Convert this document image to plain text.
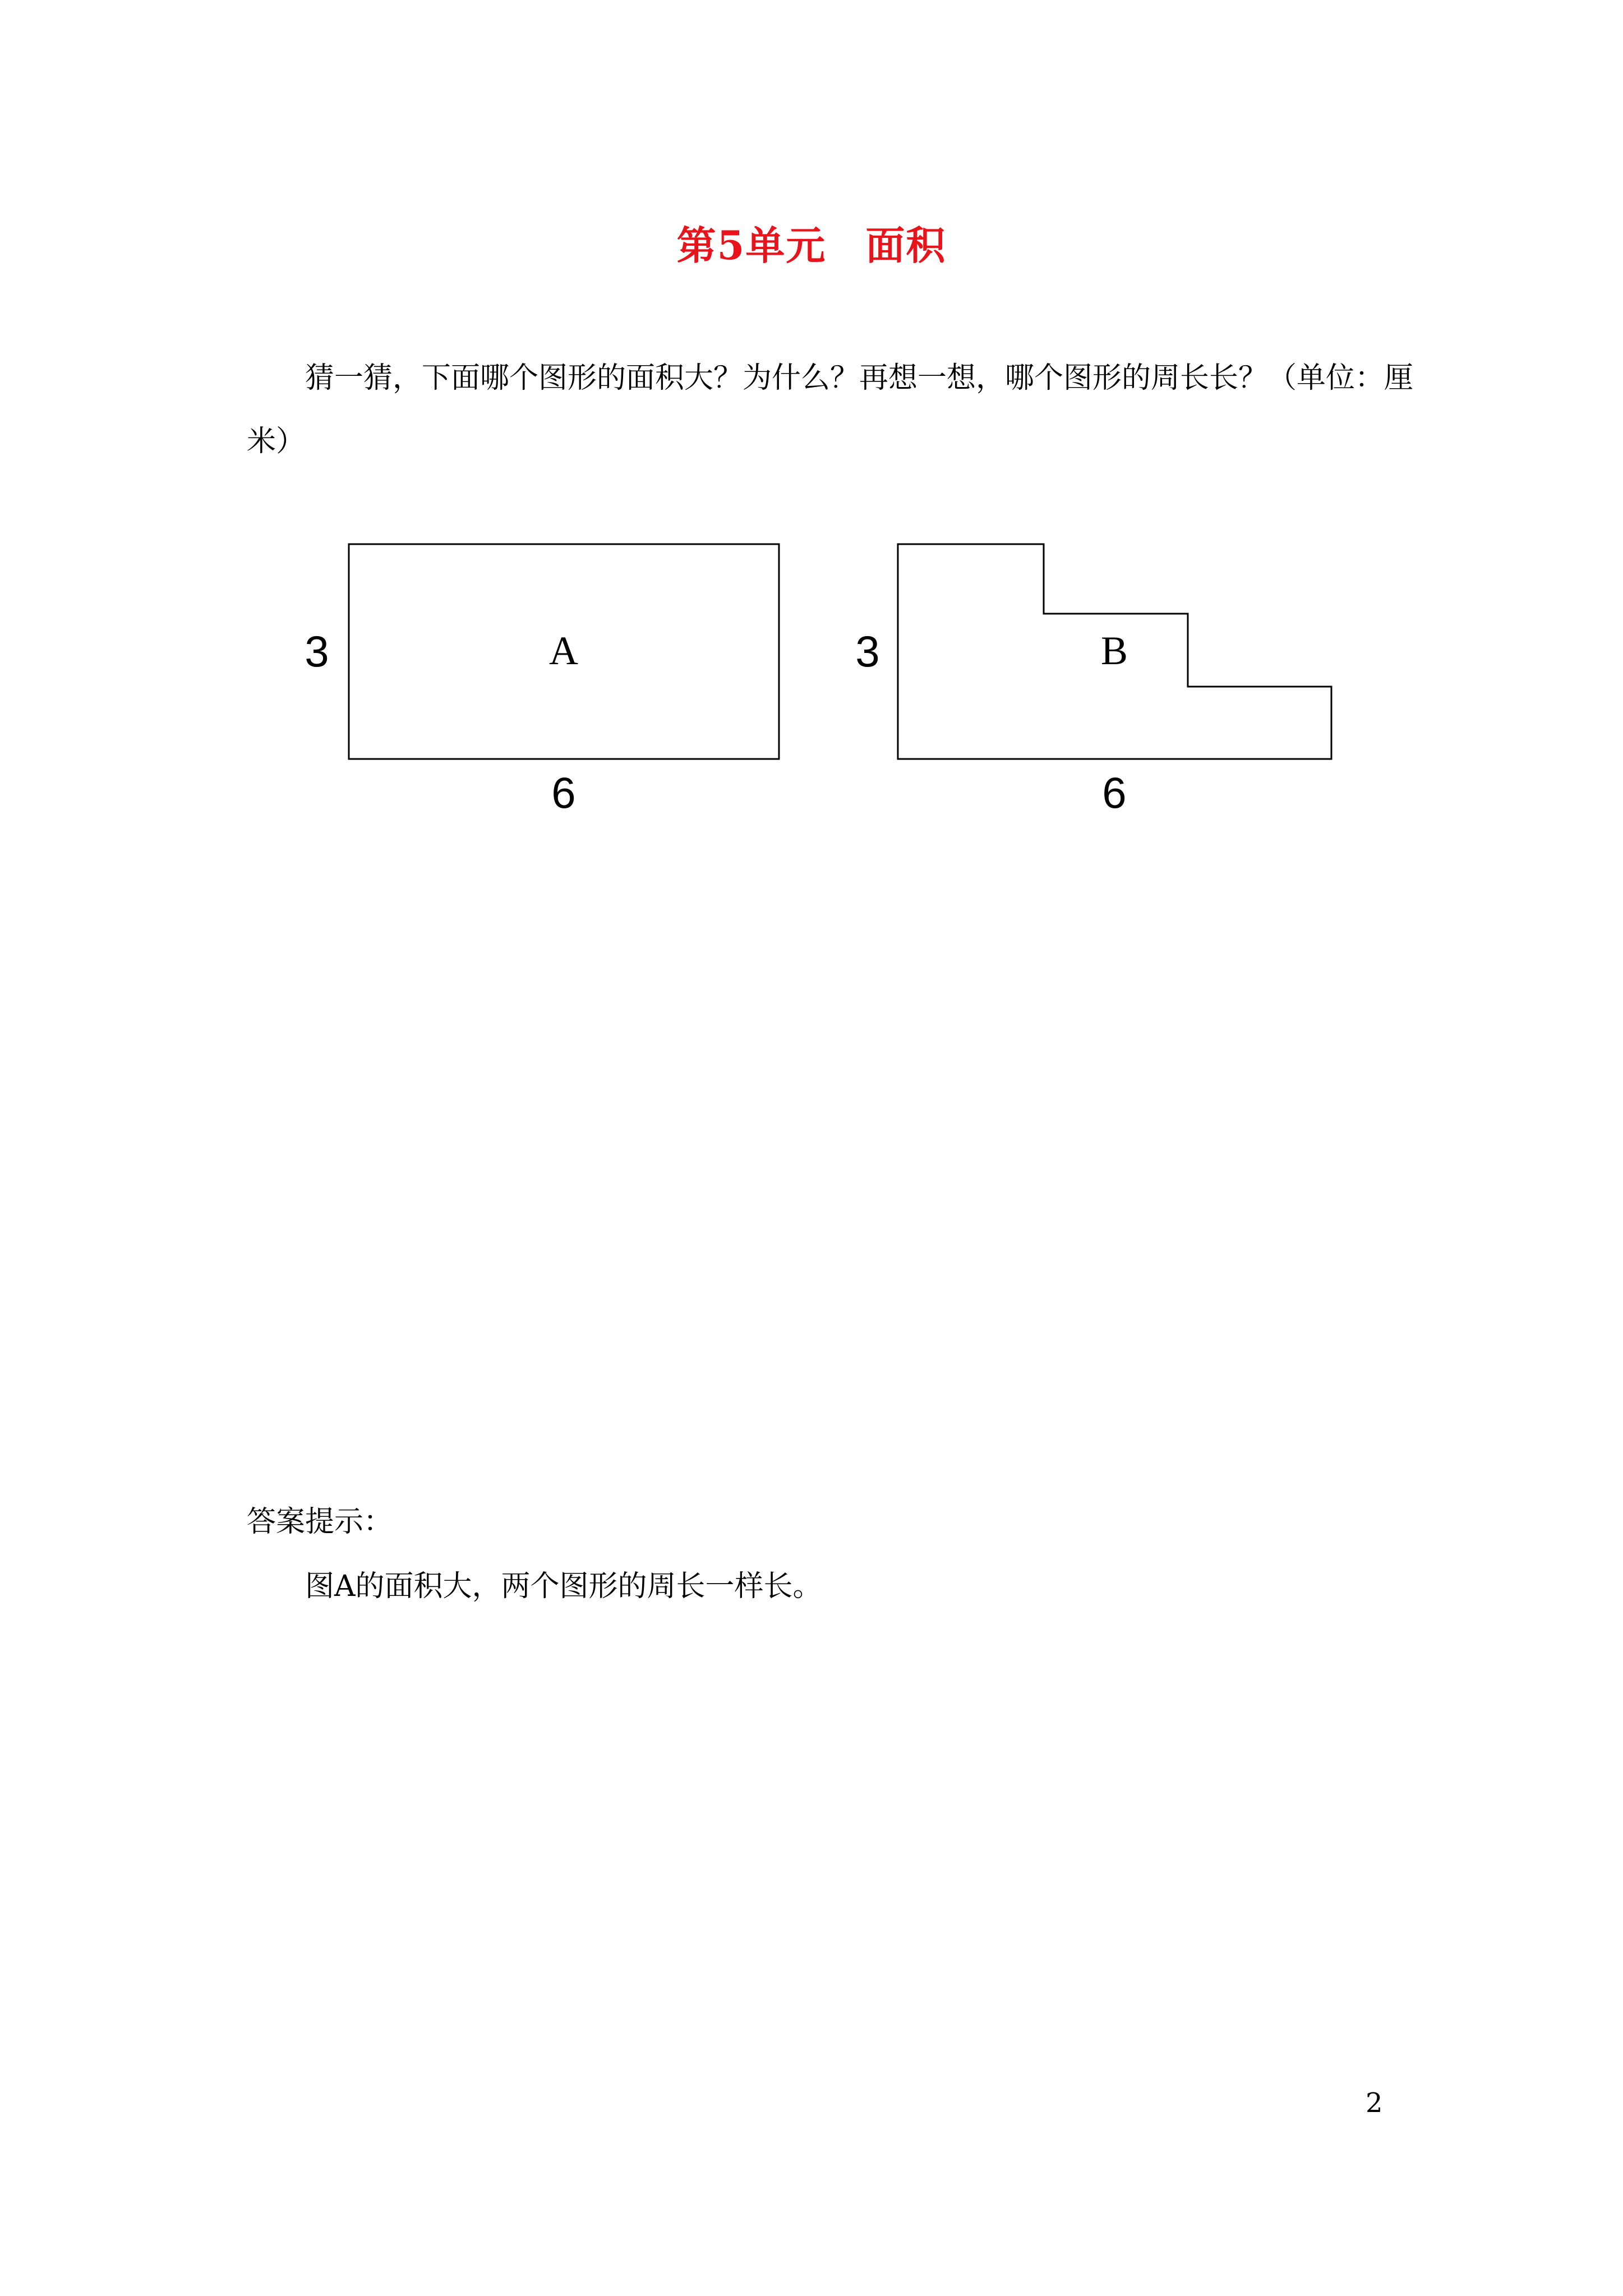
第5单元 面积
猜一猜，下面哪个图形的面积大？为什么？再想一想，哪个图形的周长长？（单位：厘
米）
A
3
6
B
3
6
答案提示：
图A的面积大，两个图形的周长一样长。
2
